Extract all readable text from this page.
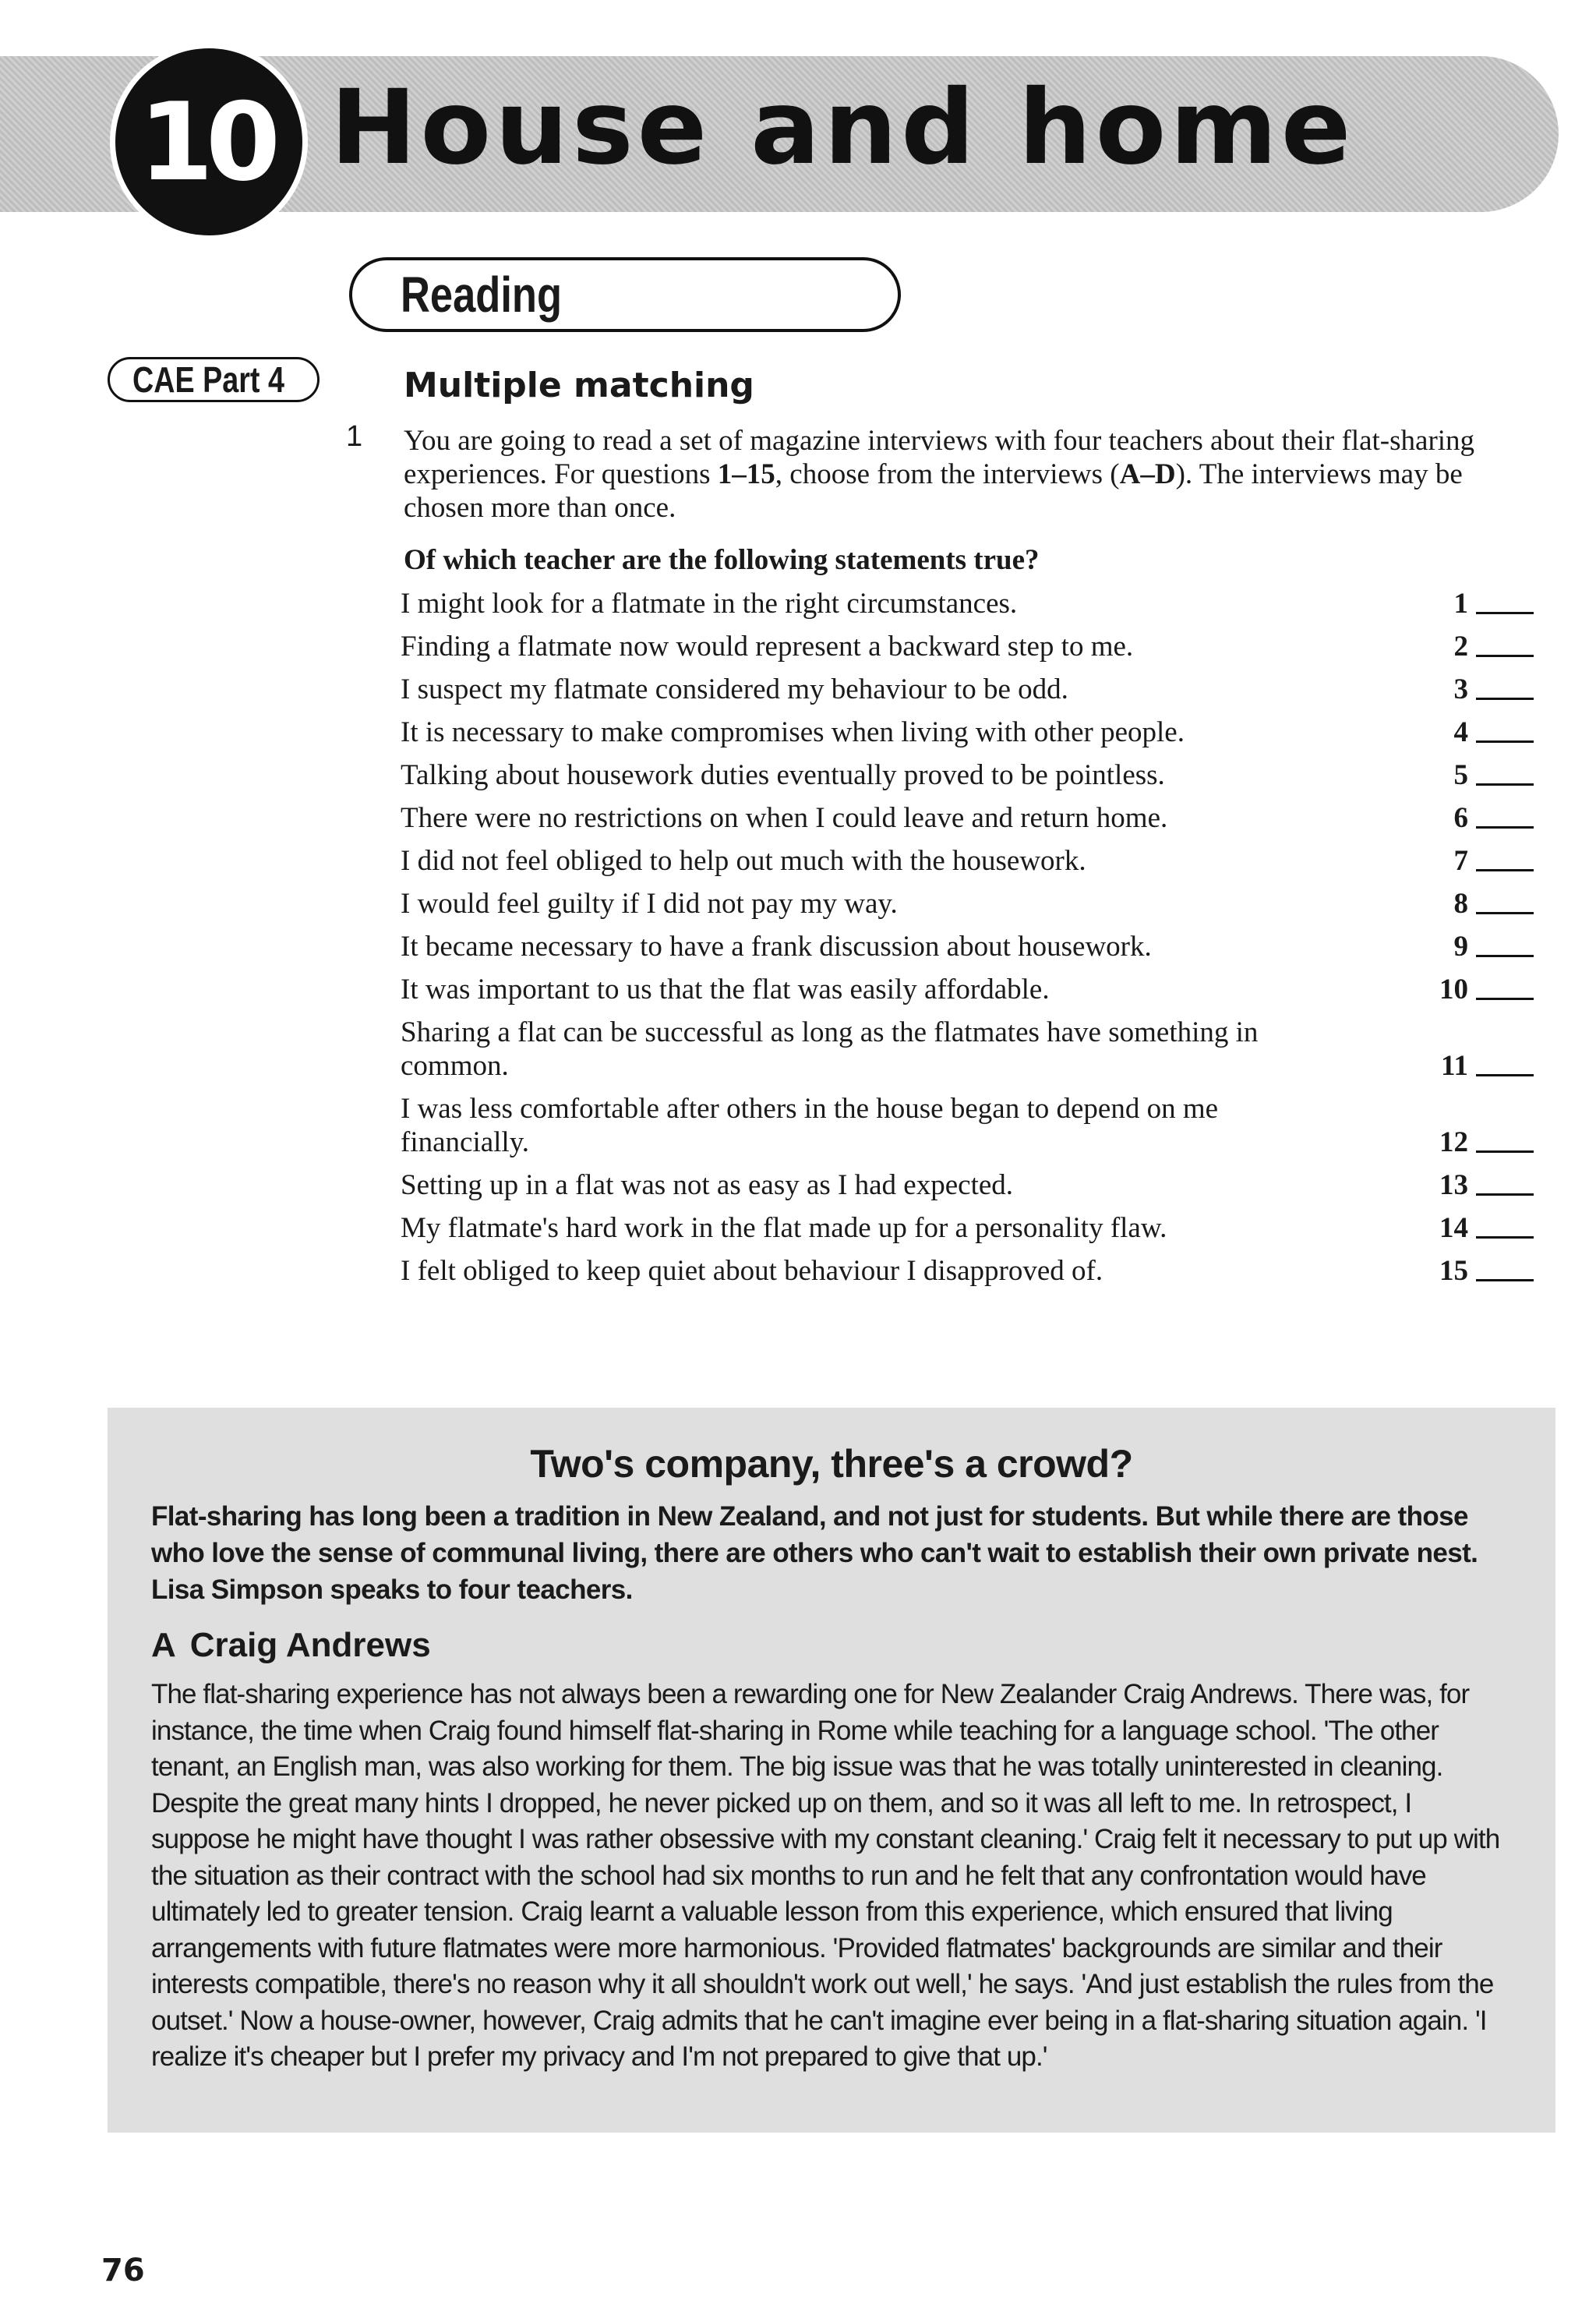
10 House and home
Reading
CAE Part 4	Multiple matching
1 You are going to read a set of magazine interviews with four teachers about their flat-sharing experiences. For questions 1–15, choose from the interviews (A–D). The interviews may be chosen more than once.

Of which teacher are the following statements true?

I might look for a flatmate in the right circumstances.	1
Finding a flatmate now would represent a backward step to me.	2
I suspect my flatmate considered my behaviour to be odd.	3
It is necessary to make compromises when living with other people.	4
Talking about housework duties eventually proved to be pointless.	5
There were no restrictions on when I could leave and return home.	6
I did not feel obliged to help out much with the housework.	7
I would feel guilty if I did not pay my way.	8
It became necessary to have a frank discussion about housework.	9
It was important to us that the flat was easily affordable.	10
Sharing a flat can be successful as long as the flatmates have something in common.	11
I was less comfortable after others in the house began to depend on me financially.	12
Setting up in a flat was not as easy as I had expected.	13
My flatmate's hard work in the flat made up for a personality flaw.	14
I felt obliged to keep quiet about behaviour I disapproved of.	15
Two's company, three's a crowd?

Flat-sharing has long been a tradition in New Zealand, and not just for students. But while there are those who love the sense of communal living, there are others who can't wait to establish their own private nest. Lisa Simpson speaks to four teachers.

A Craig Andrews

The flat-sharing experience has not always been a rewarding one for New Zealander Craig Andrews. There was, for instance, the time when Craig found himself flat-sharing in Rome while teaching for a language school. 'The other tenant, an English man, was also working for them. The big issue was that he was totally uninterested in cleaning. Despite the great many hints I dropped, he never picked up on them, and so it was all left to me. In retrospect, I suppose he might have thought I was rather obsessive with my constant cleaning.' Craig felt it necessary to put up with the situation as their contract with the school had six months to run and he felt that any confrontation would have ultimately led to greater tension. Craig learnt a valuable lesson from this experience, which ensured that living arrangements with future flatmates were more harmonious. 'Provided flatmates' backgrounds are similar and their interests compatible, there's no reason why it all shouldn't work out well,' he says. 'And just establish the rules from the outset.' Now a house-owner, however, Craig admits that he can't imagine ever being in a flat-sharing situation again. 'I realize it's cheaper but I prefer my privacy and I'm not prepared to give that up.'

76
